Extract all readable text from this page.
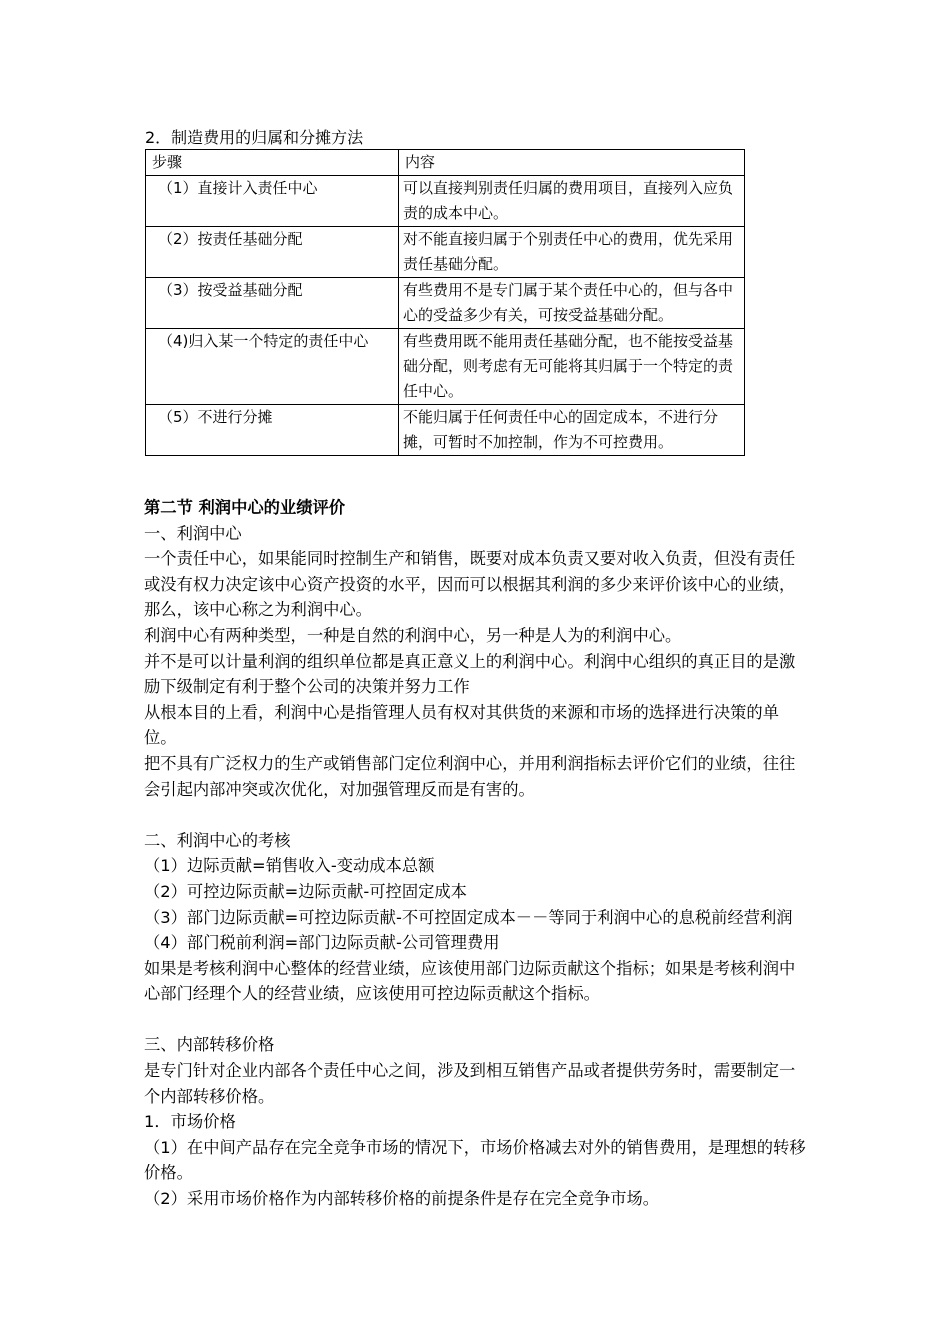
2．制造费用的归属和分摊方法
步骤	内容
（1）直接计入责任中心	可以直接判别责任归属的费用项目，直接列入应负责的成本中心。
（2）按责任基础分配	对不能直接归属于个别责任中心的费用，优先采用责任基础分配。
（3）按受益基础分配	有些费用不是专门属于某个责任中心的，但与各中心的受益多少有关，可按受益基础分配。
（4)归入某一个特定的责任中心	有些费用既不能用责任基础分配，也不能按受益基础分配，则考虑有无可能将其归属于一个特定的责任中心。
（5）不进行分摊	不能归属于任何责任中心的固定成本，不进行分摊，可暂时不加控制，作为不可控费用。

第二节 利润中心的业绩评价

一、利润中心

一个责任中心，如果能同时控制生产和销售，既要对成本负责又要对收入负责，但没有责任或没有权力决定该中心资产投资的水平，因而可以根据其利润的多少来评价该中心的业绩，那么，该中心称之为利润中心。

利润中心有两种类型，一种是自然的利润中心，另一种是人为的利润中心。

并不是可以计量利润的组织单位都是真正意义上的利润中心。利润中心组织的真正目的是激励下级制定有利于整个公司的决策并努力工作

从根本目的上看，利润中心是指管理人员有权对其供货的来源和市场的选择进行决策的单位。

把不具有广泛权力的生产或销售部门定位利润中心，并用利润指标去评价它们的业绩，往往会引起内部冲突或次优化，对加强管理反而是有害的。

二、利润中心的考核

（1）边际贡献=销售收入-变动成本总额

（2）可控边际贡献=边际贡献-可控固定成本

（3）部门边际贡献=可控边际贡献-不可控固定成本－－等同于利润中心的息税前经营利润

（4）部门税前利润=部门边际贡献-公司管理费用

如果是考核利润中心整体的经营业绩，应该使用部门边际贡献这个指标；如果是考核利润中心部门经理个人的经营业绩，应该使用可控边际贡献这个指标。

三、内部转移价格

是专门针对企业内部各个责任中心之间，涉及到相互销售产品或者提供劳务时，需要制定一个内部转移价格。

1．市场价格

（1）在中间产品存在完全竞争市场的情况下，市场价格减去对外的销售费用，是理想的转移价格。

（2）采用市场价格作为内部转移价格的前提条件是存在完全竞争市场。
